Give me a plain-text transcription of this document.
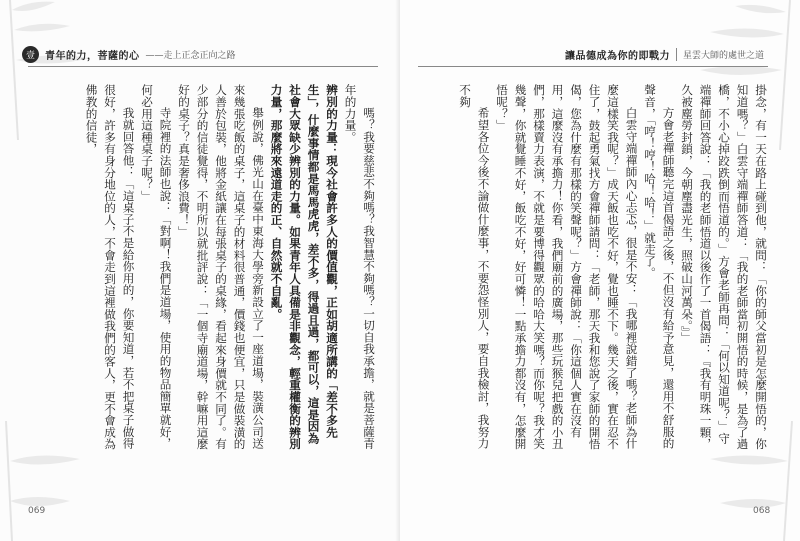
壹	青年的力，菩薩的心 ——走上正念正向之路

嗎？我要慈悲不夠嗎？我智慧不夠嗎？一切自我承擔，就是菩薩青年的力量。

辨別的力量：現今社會許多人的價值觀，正如胡適所講的「差不多先生」，什麼事情都是馬馬虎虎，差不多，得過且過，都可以，這是因為社會大眾缺少辨別的力量。如果青年人具備是非觀念，輕重權衡的辨別力量，那麼將來遠道走的正、自然就不自亂。

舉例說，佛光山在臺中東海大學旁新設立了一座道場，裝潢公司送來幾張吃飯的桌子，這桌子的材料很普通，價錢也便宜，只是做裝潢的人善於包裝，他將金紙讓在每張桌子的桌緣，看起來身價就不同了。有少部分的信徒覺得，不明所以就批評說：「一個寺廟道場，幹嘛用這麼好的桌子？真是奢侈浪費！」

寺院裡的法師也說：「對啊！我們是道場，使用的物品簡單就好，何必用這種桌子呢？」

我就回答他：「這桌子不是給你用的，你要知道，若不把桌子做得很好，許多有身分地位的人，不會走到這裡做我們的客人，更不會成為佛教的信徒，

069
讓品德成為你的即戰力	星雲大師的處世之道

掛念，有一天在路上碰到他，就問：「你的師父當初是怎麼開悟的，你知道嗎？」白雲守端禪師答道：「我的老師當初開悟的時候，是為了過橋，不小心掉跤跌倒而悟道的。」方會老師再問：「何以知道呢？」守端禪師回答說：「我的老師悟道以後作了一首偈語：『我有明珠一顆，久被塵勞封鎖，今朝塵盡光生，照破山河萬朵。』」

方會老禪師聽完這首偈語之後，不但沒有給予意見，還用不舒服的聲音，「哼！哼！哈！哈！」就走了。

白雲守端禪師內心忐忑，很是不安：「我哪裡說錯了嗎？老師為什麼這樣笑我呢？」成天飯也吃不好，覺也睡不下。幾天之後，實在忍不住了，鼓起勇氣找方會禪師請問：「老師，那天我和您說了家師的開悟偈，您為什麼有那樣的笑聲呢？」方會禪師說：「你這個人實在沒有用，這麼沒有承擔力！你看，我們廟前的廣場，那些玩猴兒把戲的小丑們，那樣賣力表演，不就是要博得觀眾的哈哈大笑嗎？而你呢？我才笑幾聲，你就覺睡不好，飯吃不好，好可憐！一點承擔力都沒有，怎麼開悟呢？」

希望各位今後不論做什麼事，不要怨怪別人，要自我檢討，我努力不夠

068
